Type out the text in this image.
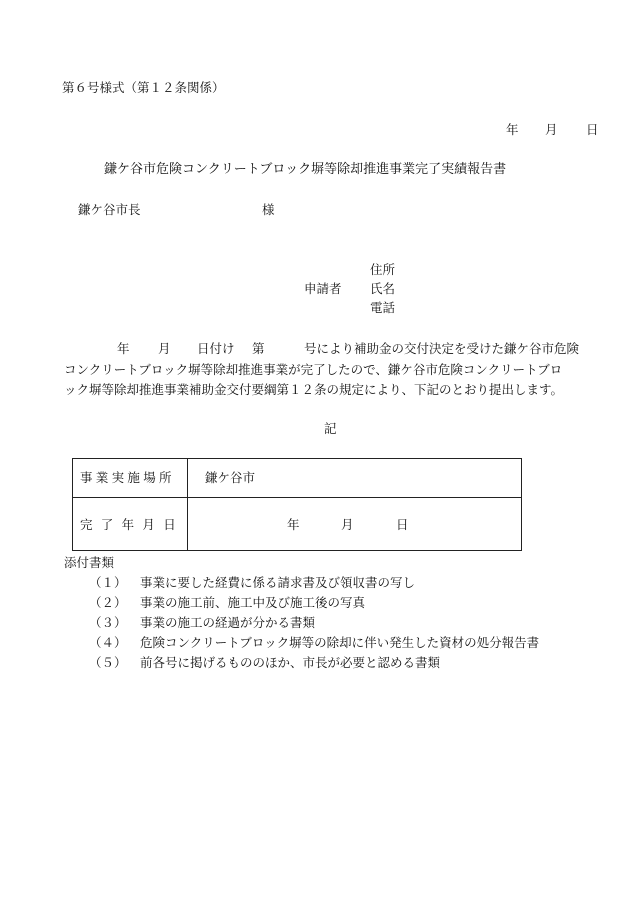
第６号様式（第１２条関係）
年 月 日
鎌ケ谷市危険コンクリートブロック塀等除却推進事業完了実績報告書
鎌ケ谷市長	様
住所
申請者 氏名
電話
年 月 日付け 第	号により補助金の交付決定を受けた鎌ケ谷市危険
コンクリートブロック塀等除却推進事業が完了したので、鎌ケ谷市危険コンクリートブロ
ック塀等除却推進事業補助金交付要綱第１２条の規定により、下記のとおり提出します。
記
事業実施場所 鎌ケ谷市
完了年月日	年	月	日
添付書類
（１） 事業に要した経費に係る請求書及び領収書の写し
（２） 事業の施工前、施工中及び施工後の写真
（３） 事業の施工の経過が分かる書類
（４） 危険コンクリートブロック塀等の除却に伴い発生した資材の処分報告書
（５） 前各号に掲げるもののほか、市長が必要と認める書類
